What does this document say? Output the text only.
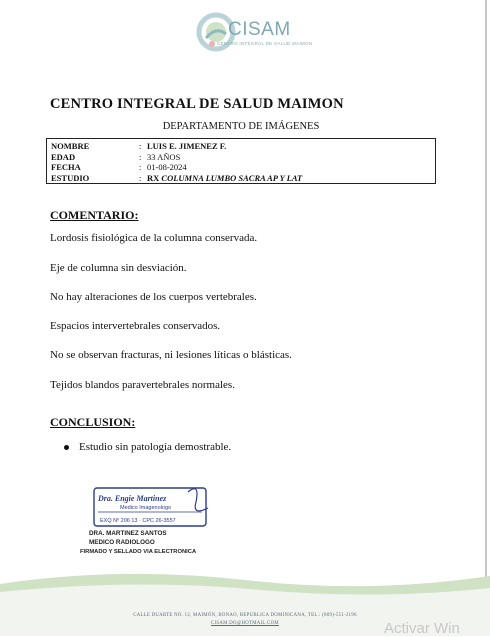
CISAM
CENTRO INTEGRAL DE SALUD MAIMON
CENTRO INTEGRAL DE SALUD MAIMON
DEPARTAMENTO DE IMÁGENES
NOMBRE	: LUIS E. JIMENEZ F.
EDAD	: 33 AÑOS
FECHA	: 01-08-2024
ESTUDIO	: RX COLUMNA LUMBO SACRA AP Y LAT
COMENTARIO:
Lordosis fisiológica de la columna conservada.
Eje de columna sin desviación.
No hay alteraciones de los cuerpos vertebrales.
Espacios intervertebrales conservados.
No se observan fracturas, ni lesiones líticas o blásticas.
Tejidos blandos paravertebrales normales.
CONCLUSION:
Estudio sin patología demostrable.
Dra. Engie Martinez
Medico Imagenologo
EXQ Nº 206 13 · CPC 26-3557
DRA. MARTINEZ SANTOS
MEDICO RADIOLOGO
FIRMADO Y SELLADO VIA ELECTRONICA
CALLE DUARTE NO. 12, MAIMÓN, BONAO, REPUBLICA DOMINICANA, TEL.: (809)-551-2196
CISAM.DO@HOTMAIL.COM	Activar Win
